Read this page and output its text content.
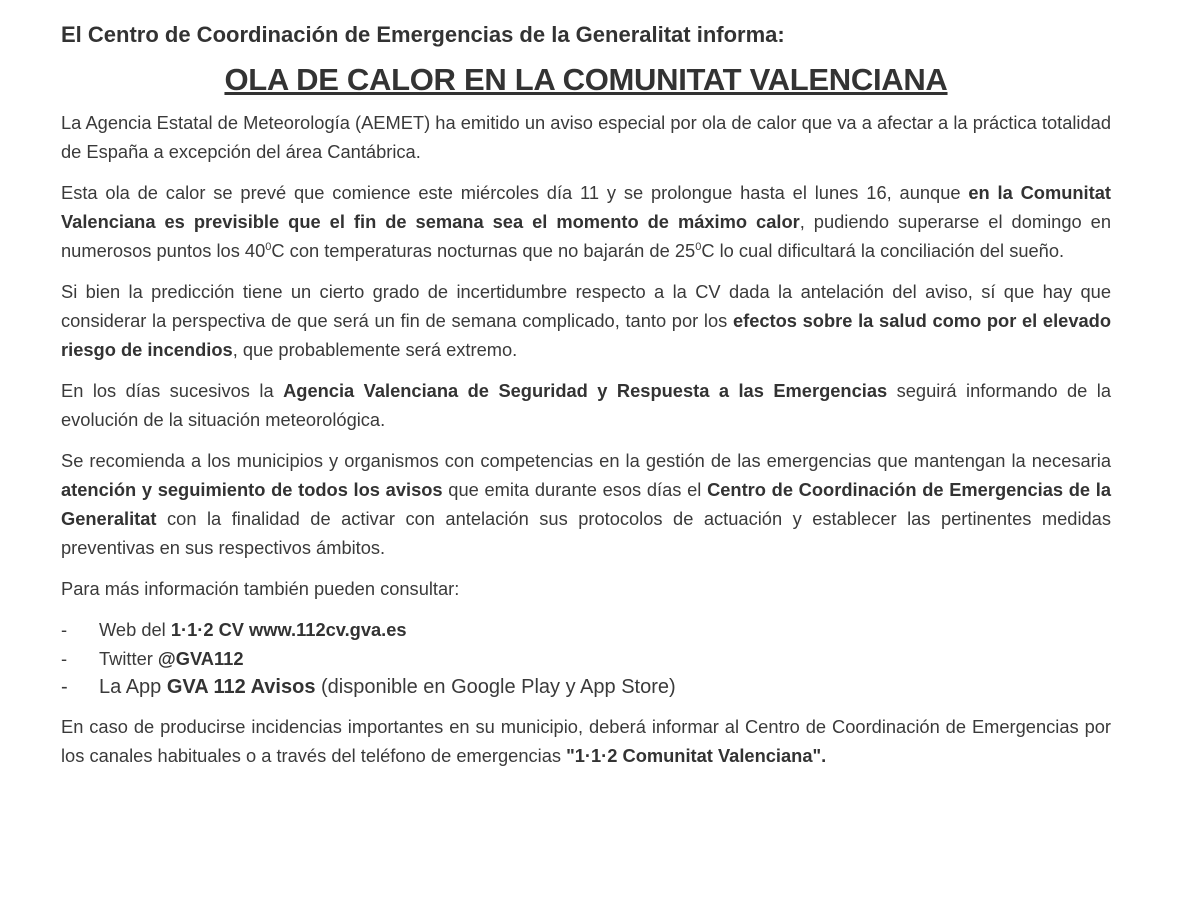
El Centro de Coordinación de Emergencias de la Generalitat informa:
OLA DE CALOR EN LA COMUNITAT VALENCIANA

La Agencia Estatal de Meteorología (AEMET) ha emitido un aviso especial por ola de calor que va a afectar a la práctica totalidad de España a excepción del área Cantábrica.

Esta ola de calor se prevé que comience este miércoles día 11 y se prolongue hasta el lunes 16, aunque en la Comunitat Valenciana es previsible que el fin de semana sea el momento de máximo calor, pudiendo superarse el domingo en numerosos puntos los $40^0C$ con temperaturas nocturnas que no bajarán de $25^0C$ lo cual dificultará la conciliación del sueño.

Si bien la predicción tiene un cierto grado de incertidumbre respecto a la CV dada la antelación del aviso, sí que hay que considerar la perspectiva de que será un fin de semana complicado, tanto por los efectos sobre la salud como por el elevado riesgo de incendios, que probablemente será extremo.

En los días sucesivos la Agencia Valenciana de Seguridad y Respuesta a las Emergencias seguirá informando de la evolución de la situación meteorológica.

Se recomienda a los municipios y organismos con competencias en la gestión de las emergencias que mantengan la necesaria atención y seguimiento de todos los avisos que emita durante esos días el Centro de Coordinación de Emergencias de la Generalitat con la finalidad de activar con antelación sus protocolos de actuación y establecer las pertinentes medidas preventivas en sus respectivos ámbitos.

Para más información también pueden consultar:

- Web del 1·1·2 CV www.112cv.gva.es
- Twitter @GVA112
- La App GVA 112 Avisos (disponible en Google Play y App Store)

En caso de producirse incidencias importantes en su municipio, deberá informar al Centro de Coordinación de Emergencias por los canales habituales o a través del teléfono de emergencias "1·1·2 Comunitat Valenciana".
